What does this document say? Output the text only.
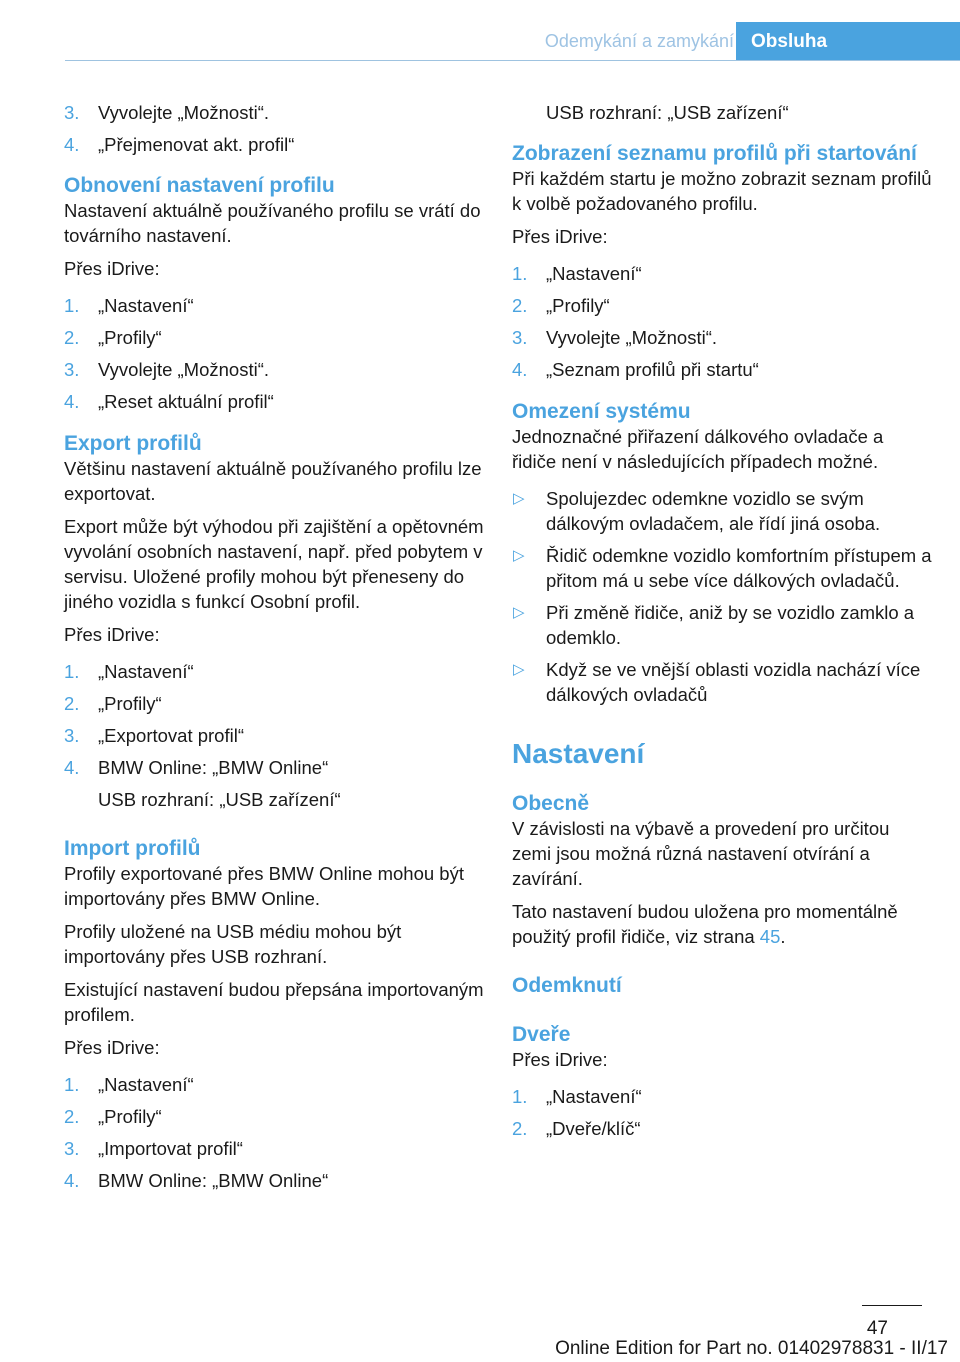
Odemykání a zamykání Obsluha
3. Vyvolejte „Možnosti“.
4. „Přejmenovat akt. profil“
Obnovení nastavení profilu

Nastavení aktuálně používaného profilu se vrátí do továrního nastavení.

Přes iDrive:

1. „Nastavení“
2. „Profily“
3. Vyvolejte „Možnosti“.
4. „Reset aktuální profil“
Export profilů

Většinu nastavení aktuálně používaného profilu lze exportovat.

Export může být výhodou při zajištění a opětovném vyvolání osobních nastavení, např. před pobytem v servisu. Uložené profily mohou být přeneseny do jiného vozidla s funkcí Osobní profil.

Přes iDrive:

1. „Nastavení“
2. „Profily“
3. „Exportovat profil“
4. BMW Online: „BMW Online“
USB rozhraní: „USB zařízení“
Import profilů

Profily exportované přes BMW Online mohou být importovány přes BMW Online.

Profily uložené na USB médiu mohou být importovány přes USB rozhraní.

Existující nastavení budou přepsána importovaným profilem.

Přes iDrive:

1. „Nastavení“
2. „Profily“
3. „Importovat profil“
4. BMW Online: „BMW Online“
USB rozhraní: „USB zařízení“
Zobrazení seznamu profilů při startování

Při každém startu je možno zobrazit seznam profilů k volbě požadovaného profilu.

Přes iDrive:

1. „Nastavení“
2. „Profily“
3. Vyvolejte „Možnosti“.
4. „Seznam profilů při startu“
Omezení systému

Jednoznačné přiřazení dálkového ovladače a řidiče není v následujících případech možné.

▷ Spolujezdec odemkne vozidlo se svým dálkovým ovladačem, ale řídí jiná osoba.
▷ Řidič odemkne vozidlo komfortním přístupem a přitom má u sebe více dálkových ovladačů.
▷ Při změně řidiče, aniž by se vozidlo zamklo a odemklo.
▷ Když se ve vnější oblasti vozidla nachází více dálkových ovladačů
Nastavení
Obecně

V závislosti na výbavě a provedení pro určitou zemi jsou možná různá nastavení otvírání a zavírání.

Tato nastavení budou uložena pro momentálně použitý profil řidiče, viz strana 45.

Odemknutí
Dveře

Přes iDrive:

1. „Nastavení“
2. „Dveře/klíč“
47
Online Edition for Part no. 01402978831 - II/17
